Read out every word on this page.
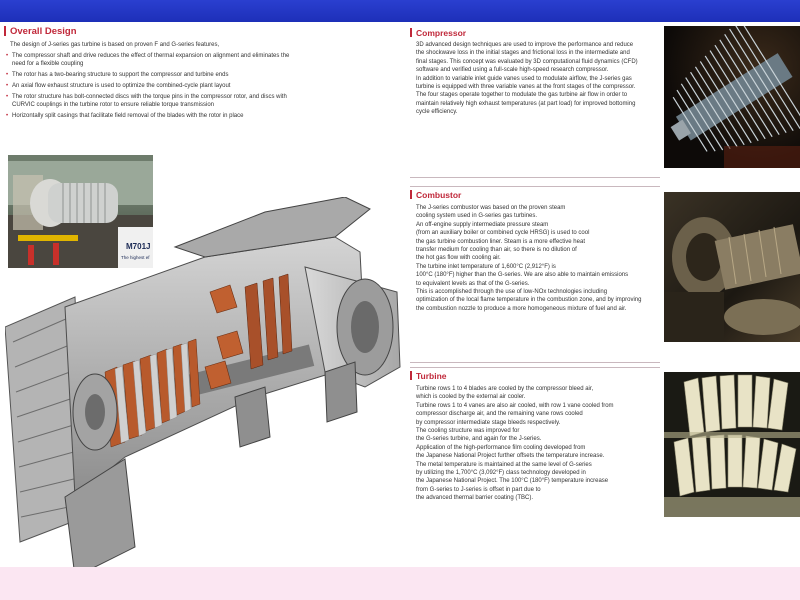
Overall Design
The design of J-series gas turbine is based on proven F and G-series features,
• The compressor shaft and drive reduces the effect of thermal expansion on alignment and eliminates the need for a flexible coupling
• The rotor has a two-bearing structure to support the compressor and turbine ends
• An axial flow exhaust structure is used to optimize the combined-cycle plant layout
• The rotor structure has bolt-connected discs with the torque pins in the compressor rotor, and discs with CURVIC couplings in the turbine rotor to ensure reliable torque transmission
• Horizontally split casings that facilitate field removal of the blades with the rotor in place
M701J
The highest ef
Compressor

3D advanced design techniques are used to improve the performance and reduce

the shockwave loss in the initial stages and frictional loss in the intermediate and

final stages. This concept was evaluated by 3D computational fluid dynamics (CFD)

software and verified using a full-scale high-speed research compressor.

In addition to variable inlet guide vanes used to modulate airflow, the J-series gas

turbine is equipped with three variable vanes at the front stages of the compressor.

The four stages operate together to modulate the gas turbine air flow in order to

maintain relatively high exhaust temperatures (at part load) for improved bottoming

cycle efficiency.

Combustor

The J-series combustor was based on the proven steam

cooling system used in G-series gas turbines.

An off-engine supply intermediate pressure steam

(from an auxiliary boiler or combined cycle HRSG) is used to cool

the gas turbine combustion liner. Steam is a more effective heat

transfer medium for cooling than air, so there is no dilution of

the hot gas flow with cooling air.

The turbine inlet temperature of 1,600°C (2,912°F) is

100°C (180°F) higher than the G-series. We are also able to maintain emissions

to equivalent levels as that of the G-series.

This is accomplished through the use of low-NOx technologies including

optimization of the local flame temperature in the combustion zone, and by improving

the combustion nozzle to produce a more homogeneous mixture of fuel and air.

Turbine

Turbine rows 1 to 4 blades are cooled by the compressor bleed air,

which is cooled by the external air cooler.

Turbine rows 1 to 4 vanes are also air cooled, with row 1 vane cooled from

compressor discharge air, and the remaining vane rows cooled

by compressor intermediate stage bleeds respectively.

The cooling structure was improved for

the G-series turbine, and again for the J-series.

Application of the high-performance film cooling developed from

the Japanese National Project further offsets the temperature increase.

The metal temperature is maintained at the same level of G-series

by utilizing the 1,700°C (3,092°F) class technology developed in

the Japanese National Project. The 100°C (180°F) temperature increase

from G-series to J-series is offset in part due to

the advanced thermal barrier coating (TBC).
